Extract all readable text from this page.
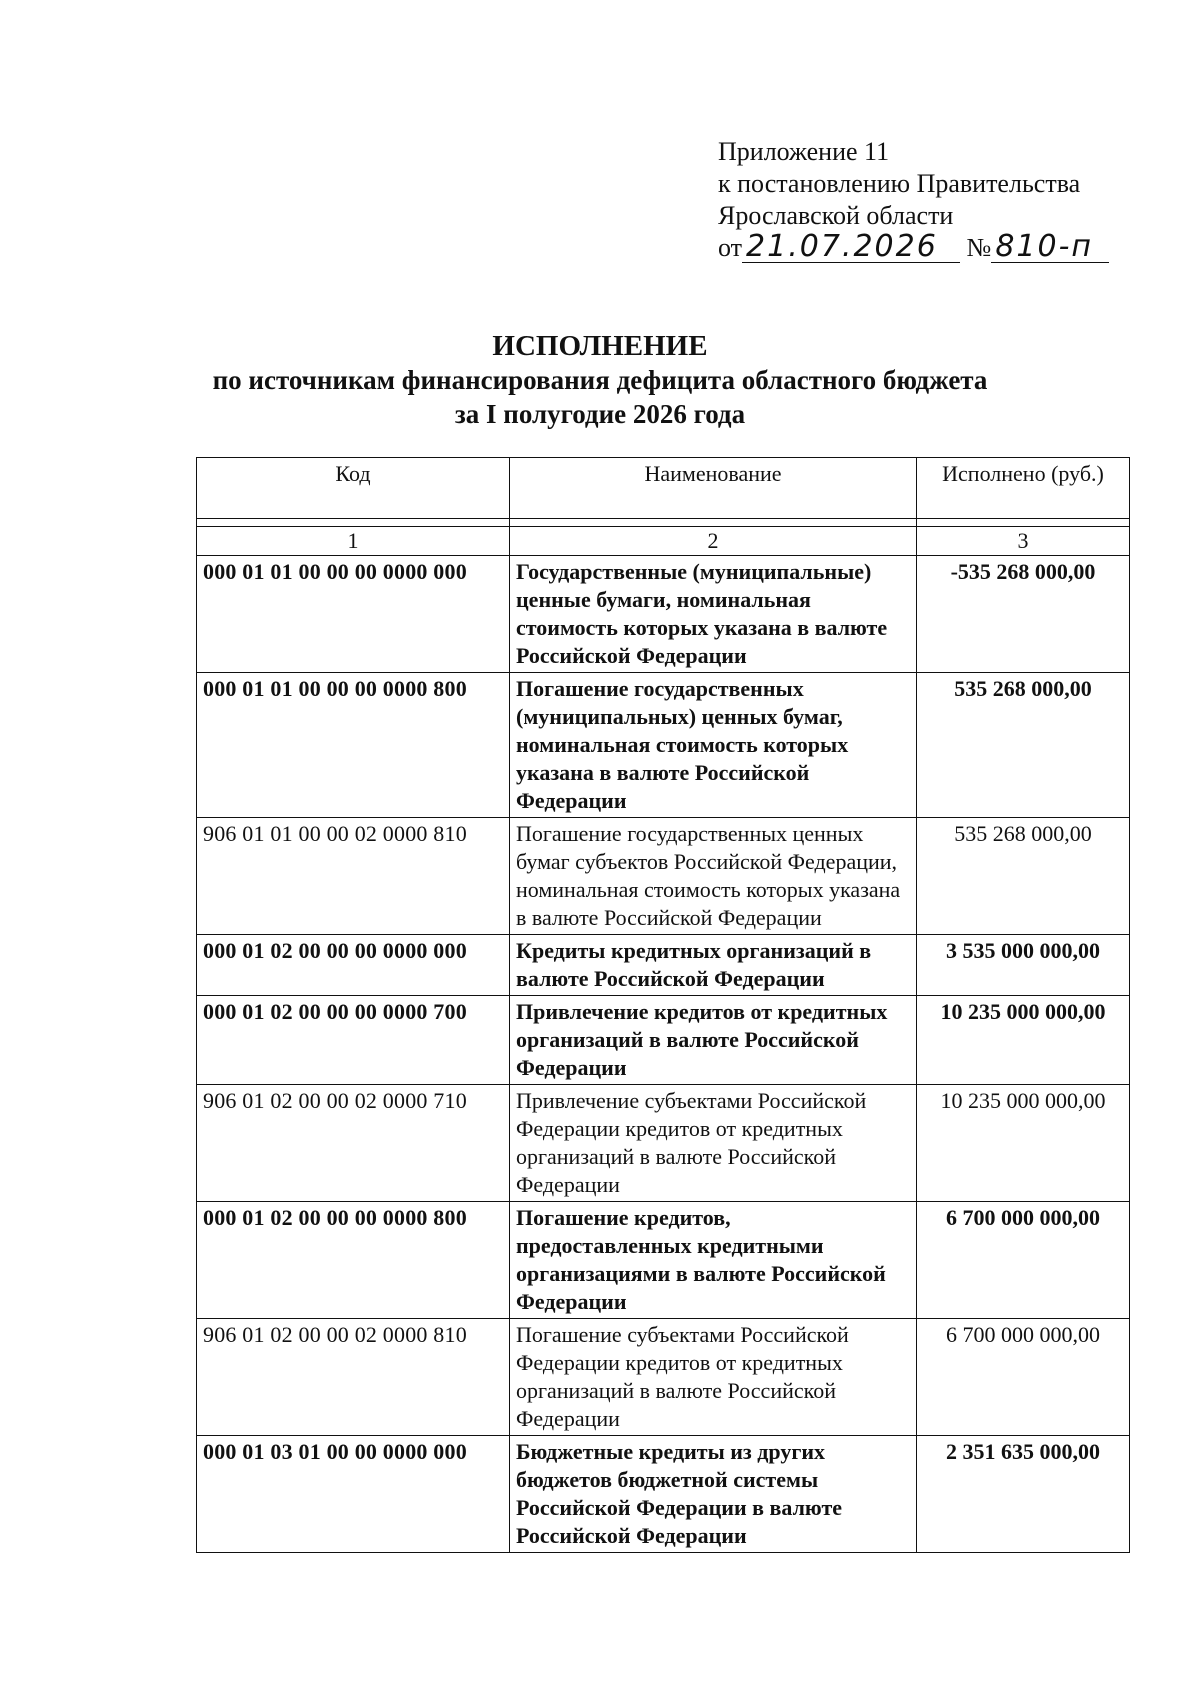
Приложение 11
к постановлению Правительства
Ярославской области
от 21.07.2026 № 810-п
ИСПОЛНЕНИЕ
по источникам финансирования дефицита областного бюджета
за I полугодие 2026 года
Код	Наименование	Исполнено (руб.)

1	2	3
000 01 01 00 00 00 0000 000	Государственные (муниципальные) ценные бумаги, номинальная стоимость которых указана в валюте Российской Федерации	-535 268 000,00
000 01 01 00 00 00 0000 800	Погашение государственных (муниципальных) ценных бумаг, номинальная стоимость которых указана в валюте Российской Федерации	535 268 000,00
906 01 01 00 00 02 0000 810	Погашение государственных ценных бумаг субъектов Российской Федерации, номинальная стоимость которых указана в валюте Российской Федерации	535 268 000,00
000 01 02 00 00 00 0000 000	Кредиты кредитных организаций в валюте Российской Федерации	3 535 000 000,00
000 01 02 00 00 00 0000 700	Привлечение кредитов от кредитных организаций в валюте Российской Федерации	10 235 000 000,00
906 01 02 00 00 02 0000 710	Привлечение субъектами Российской Федерации кредитов от кредитных организаций в валюте Российской Федерации	10 235 000 000,00
000 01 02 00 00 00 0000 800	Погашение кредитов, предоставленных кредитными организациями в валюте Российской Федерации	6 700 000 000,00
906 01 02 00 00 02 0000 810	Погашение субъектами Российской Федерации кредитов от кредитных организаций в валюте Российской Федерации	6 700 000 000,00
000 01 03 01 00 00 0000 000	Бюджетные кредиты из других бюджетов бюджетной системы Российской Федерации в валюте Российской Федерации	2 351 635 000,00
